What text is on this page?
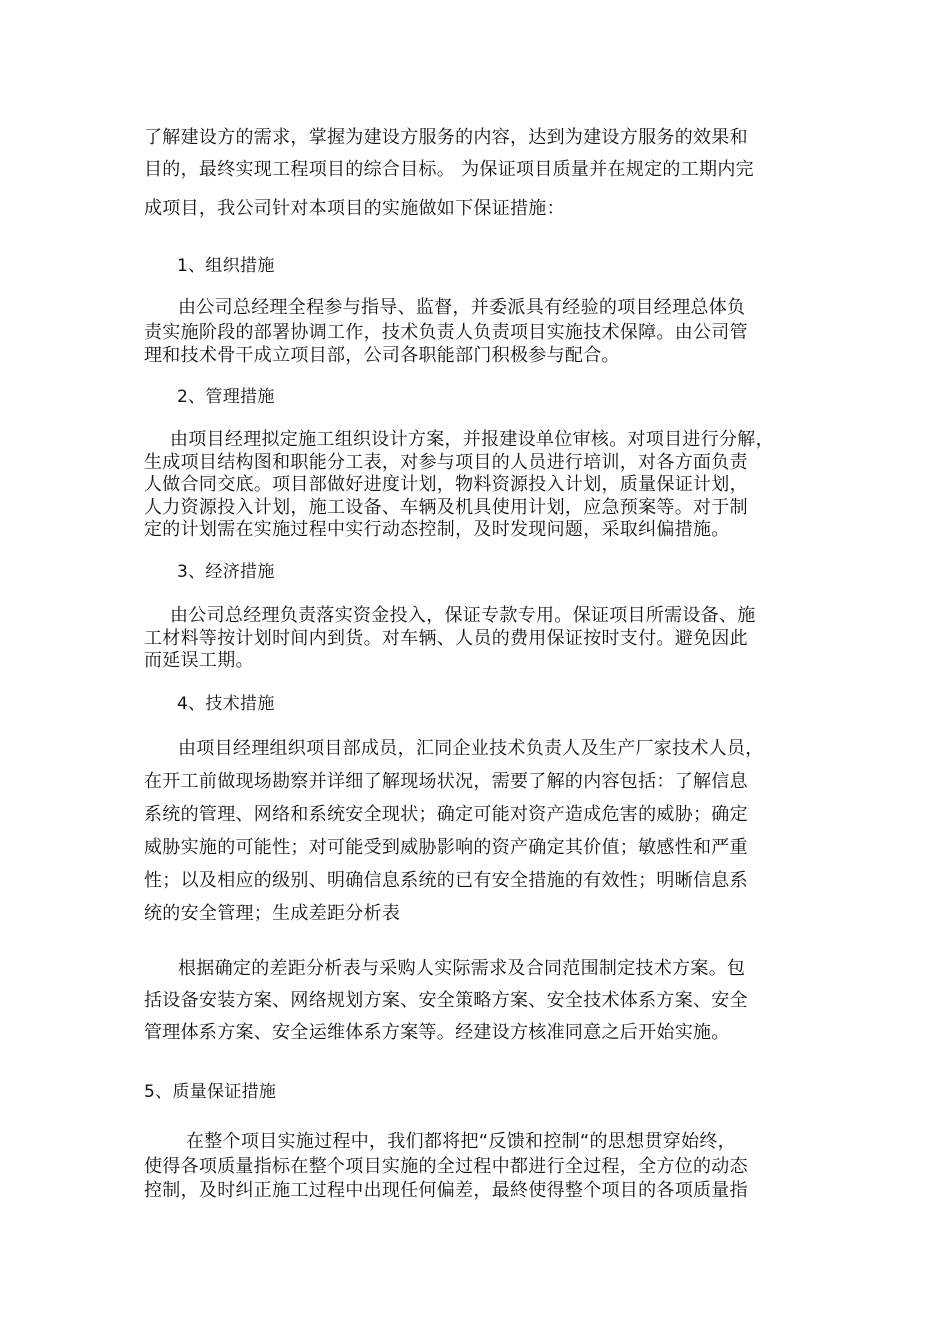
了解建设方的需求，掌握为建设方服务的内容，达到为建设方服务的效果和
目的，最终实现工程项目的综合目标。 为保证项目质量并在规定的工期内完
成项目，我公司针对本项目的实施做如下保证措施：
1、组织措施
由公司总经理全程参与指导、监督，并委派具有经验的项目经理总体负
责实施阶段的部署协调工作，技术负责人负责项目实施技术保障。由公司管
理和技术骨干成立项目部，公司各职能部门积极参与配合。
2、管理措施
由项目经理拟定施工组织设计方案，并报建设单位审核。对项目进行分解，
生成项目结构图和职能分工表，对参与项目的人员进行培训，对各方面负责
人做合同交底。项目部做好进度计划，物料资源投入计划，质量保证计划，
人力资源投入计划，施工设备、车辆及机具使用计划，应急预案等。对于制
定的计划需在实施过程中实行动态控制，及时发现问题，采取纠偏措施。
3、经济措施
由公司总经理负责落实资金投入，保证专款专用。保证项目所需设备、施
工材料等按计划时间内到货。对车辆、人员的费用保证按时支付。避免因此
而延误工期。
4、技术措施
由项目经理组织项目部成员，汇同企业技术负责人及生产厂家技术人员，
在开工前做现场勘察并详细了解现场状况，需要了解的内容包括：了解信息
系统的管理、网络和系统安全现状；确定可能对资产造成危害的威胁；确定
威胁实施的可能性；对可能受到威胁影响的资产确定其价值；敏感性和严重
性；以及相应的级别、明确信息系统的已有安全措施的有效性；明晰信息系
统的安全管理；生成差距分析表
根据确定的差距分析表与采购人实际需求及合同范围制定技术方案。包
括设备安装方案、网络规划方案、安全策略方案、安全技术体系方案、安全
管理体系方案、安全运维体系方案等。经建设方核准同意之后开始实施。
5、质量保证措施
在整个项目实施过程中，我们都将把“反馈和控制“的思想贯穿始终，
使得各项质量指标在整个项目实施的全过程中都进行全过程，全方位的动态
控制，及时纠正施工过程中出现任何偏差，最終使得整个项目的各项质量指
